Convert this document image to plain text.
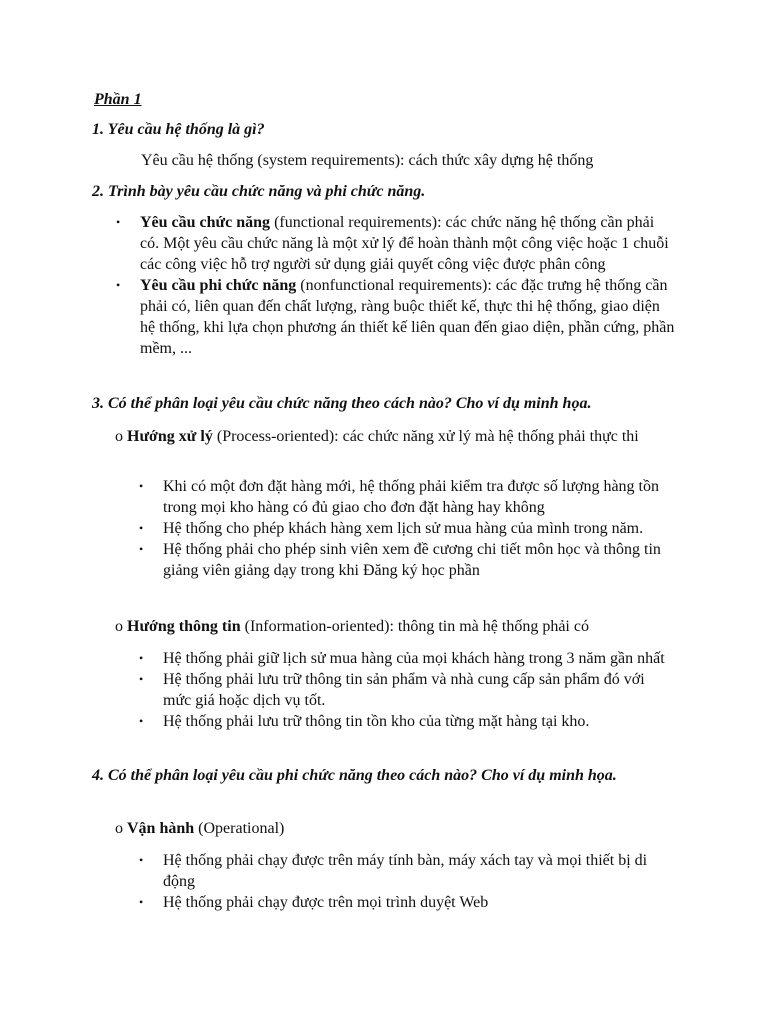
Phần 1

1. Yêu cầu hệ thống là gì?

Yêu cầu hệ thống (system requirements): cách thức xây dựng hệ thống

2. Trình bày yêu cầu chức năng và phi chức năng.

• Yêu cầu chức năng (functional requirements): các chức năng hệ thống cần phải có. Một yêu cầu chức năng là một xử lý để hoàn thành một công việc hoặc 1 chuỗi các công việc hỗ trợ người sử dụng giải quyết công việc được phân công
• Yêu cầu phi chức năng (nonfunctional requirements): các đặc trưng hệ thống cần phải có, liên quan đến chất lượng, ràng buộc thiết kế, thực thi hệ thống, giao diện hệ thống, khi lựa chọn phương án thiết kế liên quan đến giao diện, phần cứng, phần mềm, ...

3. Có thể phân loại yêu cầu chức năng theo cách nào? Cho ví dụ minh họa.

o Hướng xử lý (Process-oriented): các chức năng xử lý mà hệ thống phải thực thi

• Khi có một đơn đặt hàng mới, hệ thống phải kiểm tra được số lượng hàng tồn trong mọi kho hàng có đủ giao cho đơn đặt hàng hay không
• Hệ thống cho phép khách hàng xem lịch sử mua hàng của mình trong năm.
• Hệ thống phải cho phép sinh viên xem đề cương chi tiết môn học và thông tin giảng viên giảng dạy trong khi Đăng ký học phần

o Hướng thông tin (Information-oriented): thông tin mà hệ thống phải có

• Hệ thống phải giữ lịch sử mua hàng của mọi khách hàng trong 3 năm gần nhất
• Hệ thống phải lưu trữ thông tin sản phẩm và nhà cung cấp sản phẩm đó với mức giá hoặc dịch vụ tốt.
• Hệ thống phải lưu trữ thông tin tồn kho của từng mặt hàng tại kho.

4. Có thể phân loại yêu cầu phi chức năng theo cách nào? Cho ví dụ minh họa.

o Vận hành (Operational)

• Hệ thống phải chạy được trên máy tính bàn, máy xách tay và mọi thiết bị di động
• Hệ thống phải chạy được trên mọi trình duyệt Web
